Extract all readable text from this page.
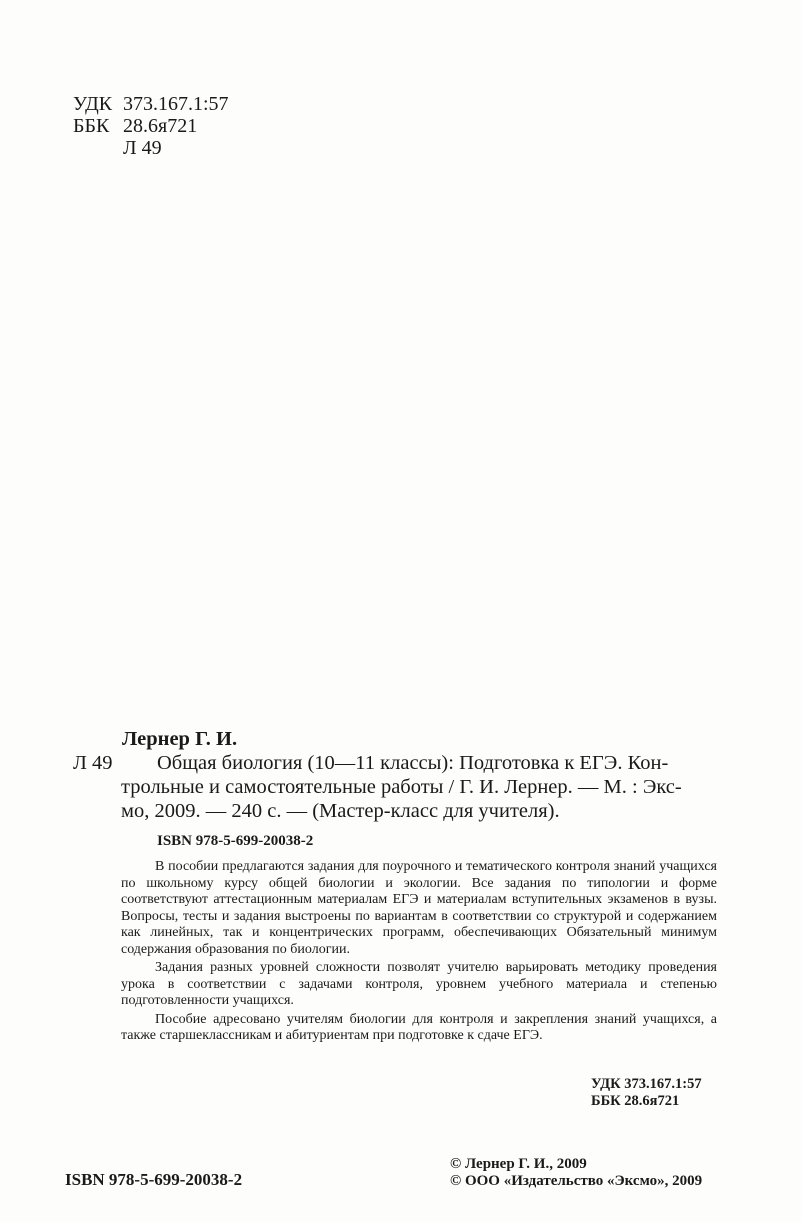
УДК 373.167.1:57
ББК 28.6я721
Л 49
Лернер Г. И.
Л 49 Общая биология (10—11 классы): Подготовка к ЕГЭ. Кон-
трольные и самостоятельные работы / Г. И. Лернер. — М. : Экс-
мо, 2009. — 240 с. — (Мастер-класс для учителя).
ISBN 978-5-699-20038-2

В пособии предлагаются задания для поурочного и тематического контроля знаний учащихся по школьному курсу общей биологии и экологии. Все задания по типологии и форме соответствуют аттестационным материалам ЕГЭ и материалам вступительных экзаменов в вузы. Вопросы, тесты и задания выстроены по вариантам в соответствии со структурой и содержанием как линейных, так и концентрических программ, обеспечивающих Обязательный минимум содержания образования по биологии.

Задания разных уровней сложности позволят учителю варьировать методику проведения урока в соответствии с задачами контроля, уровнем учебного материала и степенью подготовленности учащихся.

Пособие адресовано учителям биологии для контроля и закрепления знаний учащихся, а также старшеклассникам и абитуриентам при подготовке к сдаче ЕГЭ.

УДК 373.167.1:57
ББК 28.6я721
ISBN 978-5-699-20038-2
© Лернер Г. И., 2009
© ООО «Издательство «Эксмо», 2009
